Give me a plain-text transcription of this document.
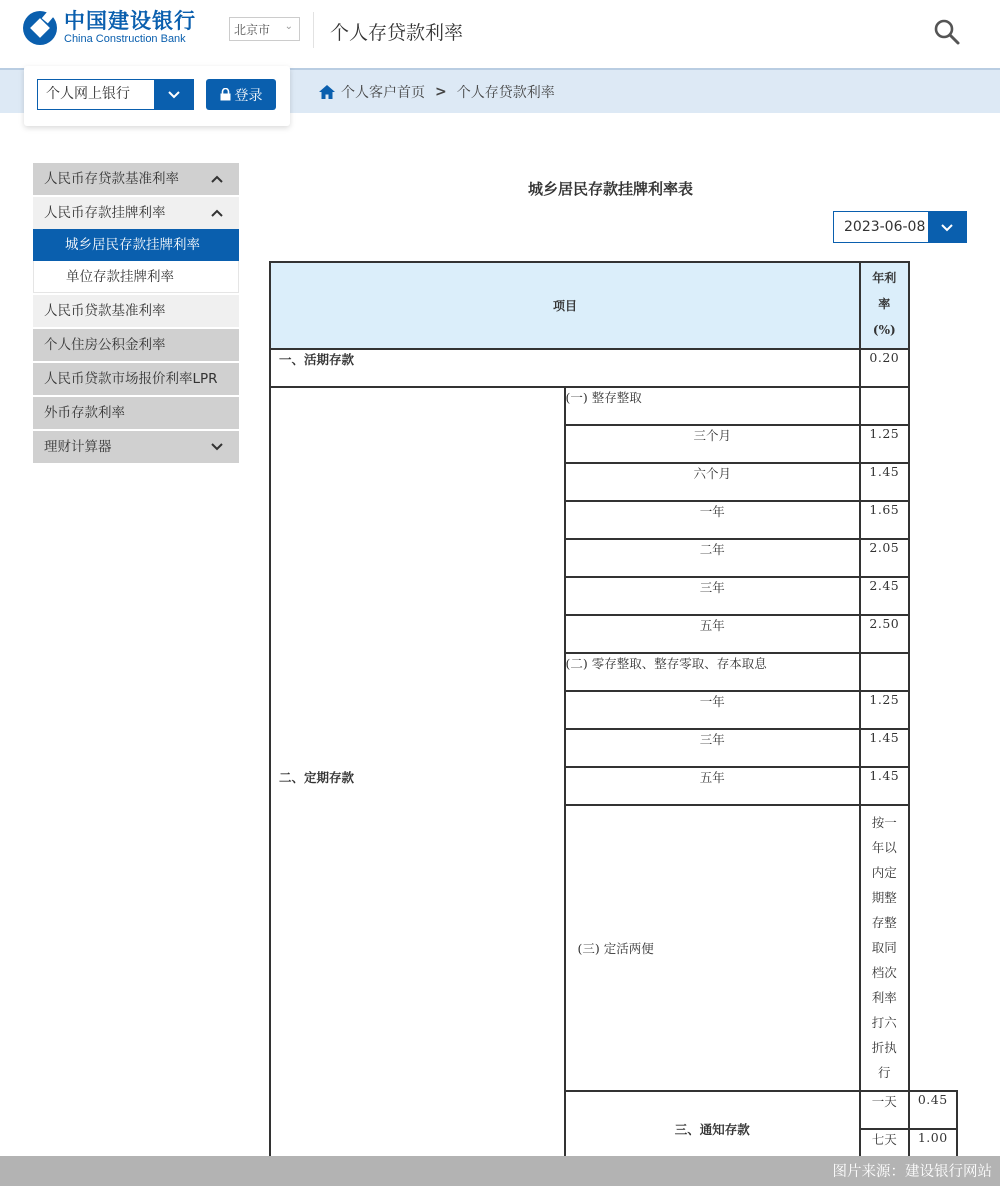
中国建设银行
China Construction Bank
北京市 ⌄ 个人存贷款利率
个人网上银行	登录	个人客户首页 > 个人存贷款利率
人民币存贷款基准利率
人民币存款挂牌利率
城乡居民存款挂牌利率
单位存款挂牌利率
人民币贷款基准利率
个人住房公积金利率
人民币贷款市场报价利率LPR
外币存款利率
理财计算器
城乡居民存款挂牌利率表
2023-06-08
项目		年利
率
(%)	

一、活期存款		0.20	
二、定期存款	(一) 整存整取		
	三个月	1.25	
	六个月	1.45	
	一年	1.65	
	二年	2.05	
	三年	2.45	
	五年	2.50	
	(二) 零存整取、整存零取、存本取息		
	一年	1.25	
	三年	1.45	
	五年	1.45	
	(三) 定活两便	按一年以内定期整存整取同档次利率打六折执行	

	三、通知存款	一天	0.45
		七天	1.00
图片来源：建设银行网站
